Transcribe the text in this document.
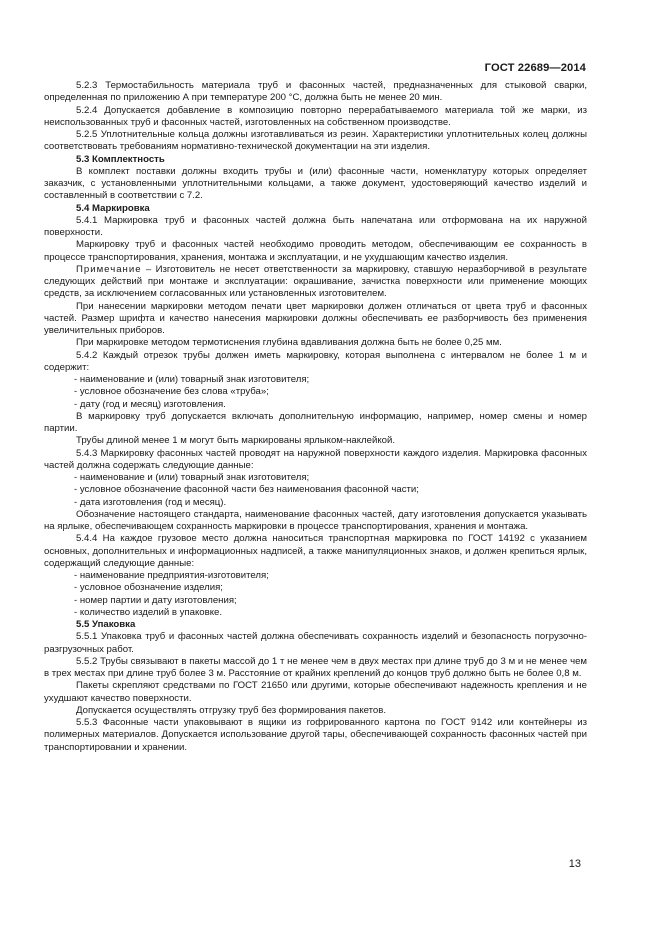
ГОСТ 22689—2014

5.2.3 Термостабильность материала труб и фасонных частей, предназначенных для стыковой сварки, определенная по приложению А при температуре 200 °С, должна быть не менее 20 мин.

5.2.4 Допускается добавление в композицию повторно перерабатываемого материала той же марки, из неиспользованных труб и фасонных частей, изготовленных на собственном производстве.

5.2.5 Уплотнительные кольца должны изготавливаться из резин. Характеристики уплотнительных колец должны соответствовать требованиям нормативно-технической документации на эти изделия.

5.3 Комплектность

В комплект поставки должны входить трубы и (или) фасонные части, номенклатуру которых определяет заказчик, с установленными уплотнительными кольцами, а также документ, удостоверяющий качество изделий и составленный в соответствии с 7.2.

5.4 Маркировка

5.4.1 Маркировка труб и фасонных частей должна быть напечатана или отформована на их наружной поверхности.

Маркировку труб и фасонных частей необходимо проводить методом, обеспечивающим ее сохранность в процессе транспортирования, хранения, монтажа и эксплуатации, и не ухудшающим качество изделия.

Примечание – Изготовитель не несет ответственности за маркировку, ставшую неразборчивой в результате следующих действий при монтаже и эксплуатации: окрашивание, зачистка поверхности или применение моющих средств, за исключением согласованных или установленных изготовителем.

При нанесении маркировки методом печати цвет маркировки должен отличаться от цвета труб и фасонных частей. Размер шрифта и качество нанесения маркировки должны обеспечивать ее разборчивость без применения увеличительных приборов.

При маркировке методом термотиснения глубина вдавливания должна быть не более 0,25 мм.

5.4.2 Каждый отрезок трубы должен иметь маркировку, которая выполнена с интервалом не более 1 м и содержит:

- наименование и (или) товарный знак изготовителя;

- условное обозначение без слова «труба»;

- дату (год и месяц) изготовления.

В маркировку труб допускается включать дополнительную информацию, например, номер смены и номер партии.

Трубы длиной менее 1 м могут быть маркированы ярлыком-наклейкой.

5.4.3 Маркировку фасонных частей проводят на наружной поверхности каждого изделия. Маркировка фасонных частей должна содержать следующие данные:

- наименование и (или) товарный знак изготовителя;

- условное обозначение фасонной части без наименования фасонной части;

- дата изготовления (год и месяц).

Обозначение настоящего стандарта, наименование фасонных частей, дату изготовления допускается указывать на ярлыке, обеспечивающем сохранность маркировки в процессе транспортирования, хранения и монтажа.

5.4.4 На каждое грузовое место должна наноситься транспортная маркировка по ГОСТ 14192 с указанием основных, дополнительных и информационных надписей, а также манипуляционных знаков, и должен крепиться ярлык, содержащий следующие данные:

- наименование предприятия-изготовителя;

- условное обозначение изделия;

- номер партии и дату изготовления;

- количество изделий в упаковке.

5.5 Упаковка

5.5.1 Упаковка труб и фасонных частей должна обеспечивать сохранность изделий и безопасность погрузочно-разгрузочных работ.

5.5.2 Трубы связывают в пакеты массой до 1 т не менее чем в двух местах при длине труб до 3 м и не менее чем в трех местах при длине труб более 3 м. Расстояние от крайних креплений до концов труб должно быть не более 0,8 м.

Пакеты скрепляют средствами по ГОСТ 21650 или другими, которые обеспечивают надежность крепления и не ухудшают качество поверхности.

Допускается осуществлять отгрузку труб без формирования пакетов.

5.5.3 Фасонные части упаковывают в ящики из гофрированного картона по ГОСТ 9142 или контейнеры из полимерных материалов. Допускается использование другой тары, обеспечивающей сохранность фасонных частей при транспортировании и хранении.

13
